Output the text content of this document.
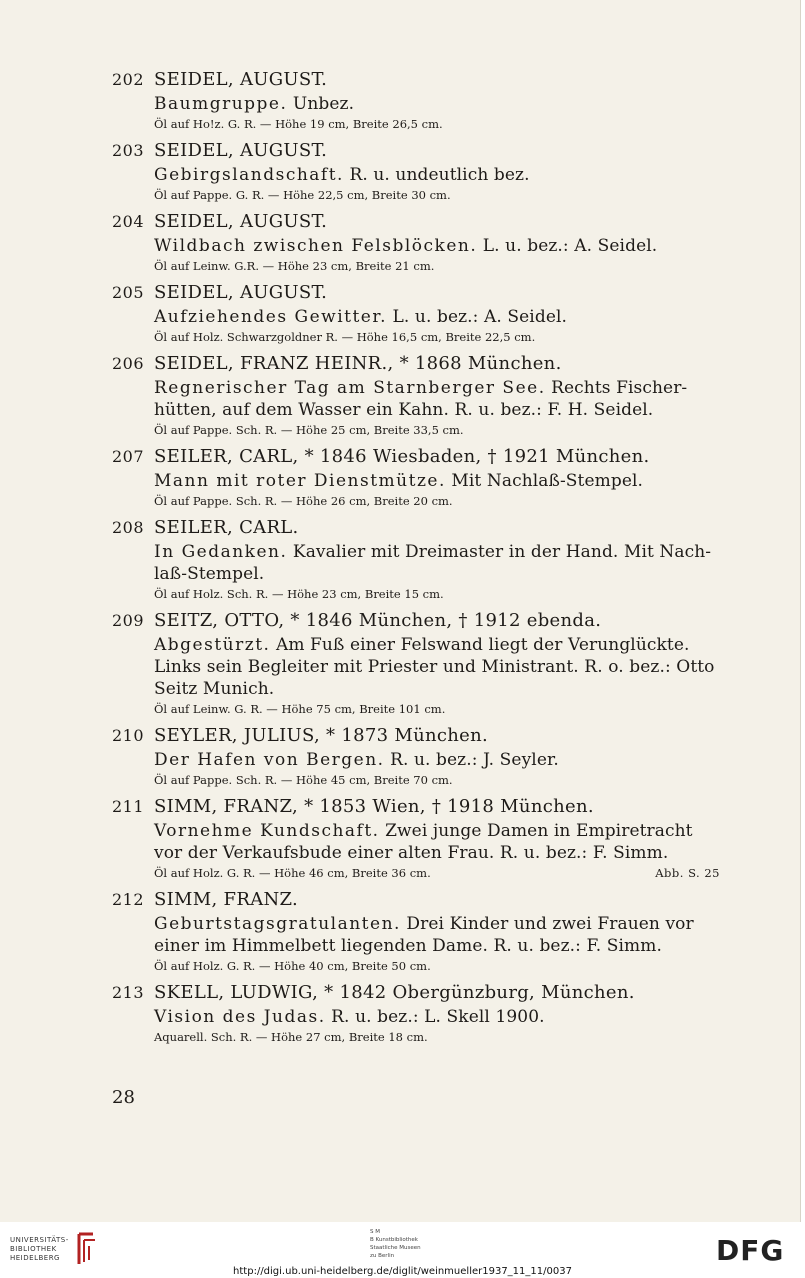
202 SEIDEL, AUGUST.
Baumgruppe. Unbez.
Öl auf Ho!z. G. R. — Höhe 19 cm, Breite 26,5 cm.
203 SEIDEL, AUGUST.
Gebirgslandschaft. R. u. undeutlich bez.
Öl auf Pappe. G. R. — Höhe 22,5 cm, Breite 30 cm.
204 SEIDEL, AUGUST.
Wildbach zwischen Felsblöcken. L. u. bez.: A. Seidel.
Öl auf Leinw. G.R. — Höhe 23 cm, Breite 21 cm.
205 SEIDEL, AUGUST.
Aufziehendes Gewitter. L. u. bez.: A. Seidel.
Öl auf Holz. Schwarzgoldner R. — Höhe 16,5 cm, Breite 22,5 cm.
206 SEIDEL, FRANZ HEINR., * 1868 München.
Regnerischer Tag am Starnberger See. Rechts Fischer-
hütten, auf dem Wasser ein Kahn. R. u. bez.: F. H. Seidel.
Öl auf Pappe. Sch. R. — Höhe 25 cm, Breite 33,5 cm.
207 SEILER, CARL, * 1846 Wiesbaden, † 1921 München.
Mann mit roter Dienstmütze. Mit Nachlaß-Stempel.
Öl auf Pappe. Sch. R. — Höhe 26 cm, Breite 20 cm.
208 SEILER, CARL.
In Gedanken. Kavalier mit Dreimaster in der Hand. Mit Nach-
laß-Stempel.
Öl auf Holz. Sch. R. — Höhe 23 cm, Breite 15 cm.
209 SEITZ, OTTO, * 1846 München, † 1912 ebenda.
Abgestürzt. Am Fuß einer Felswand liegt der Verunglückte.
Links sein Begleiter mit Priester und Ministrant. R. o. bez.: Otto
Seitz Munich.
Öl auf Leinw. G. R. — Höhe 75 cm, Breite 101 cm.
210 SEYLER, JULIUS, * 1873 München.
Der Hafen von Bergen. R. u. bez.: J. Seyler.
Öl auf Pappe. Sch. R. — Höhe 45 cm, Breite 70 cm.
211 SIMM, FRANZ, * 1853 Wien, † 1918 München.
Vornehme Kundschaft. Zwei junge Damen in Empiretracht
vor der Verkaufsbude einer alten Frau. R. u. bez.: F. Simm.
Öl auf Holz. G. R. — Höhe 46 cm, Breite 36 cm.	Abb. S. 25
212 SIMM, FRANZ.
Geburtstagsgratulanten. Drei Kinder und zwei Frauen vor
einer im Himmelbett liegenden Dame. R. u. bez.: F. Simm.
Öl auf Holz. G. R. — Höhe 40 cm, Breite 50 cm.
213 SKELL, LUDWIG, * 1842 Obergünzburg, München.
Vision des Judas. R. u. bez.: L. Skell 1900.
Aquarell. Sch. R. — Höhe 27 cm, Breite 18 cm.
28
UNIVERSITÄTS-
BIBLIOTHEK
HEIDELBERG
S M
B Kunstbibliothek
Staatliche Museen
zu Berlin	DFG
http://digi.ub.uni-heidelberg.de/diglit/weinmueller1937_11_11/0037
